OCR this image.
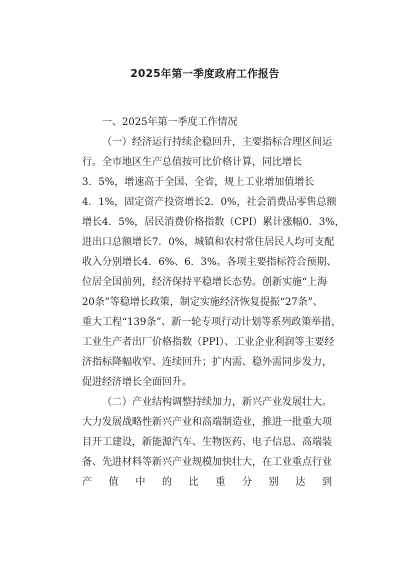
2025年第一季度政府工作报告
一、2025年第一季度工作情况
（一）经济运行持续企稳回升，主要指标合理区间运
行。全市地区生产总值按可比价格计算，同比增长
3．5%，增速高于全国、全省，规上工业增加值增长
4．1%，固定资产投资增长2．0%，社会消费品零售总额
增长4．5%，居民消费价格指数（CPI）累计涨幅0．3%，
进出口总额增长7．0%，城镇和农村常住居民人均可支配
收入分别增长4．6%、6．3%。各项主要指标符合预期、
位居全国前列，经济保持平稳增长态势。创新实施“上海
20条”等稳增长政策，制定实施经济恢复提振“27条”、
重大工程“139条”、新一轮专项行动计划等系列政策举措，
工业生产者出厂价格指数（PPI）、工业企业利润等主要经
济指标降幅收窄、连续回升；扩内需、稳外需同步发力，
促进经济增长全面回升。
（二）产业结构调整持续加力，新兴产业发展壮大。
大力发展战略性新兴产业和高端制造业，推进一批重大项
目开工建设，新能源汽车、生物医药、电子信息、高端装
备、先进材料等新兴产业规模加快壮大，在工业重点行业
产值中的比重分别达到
